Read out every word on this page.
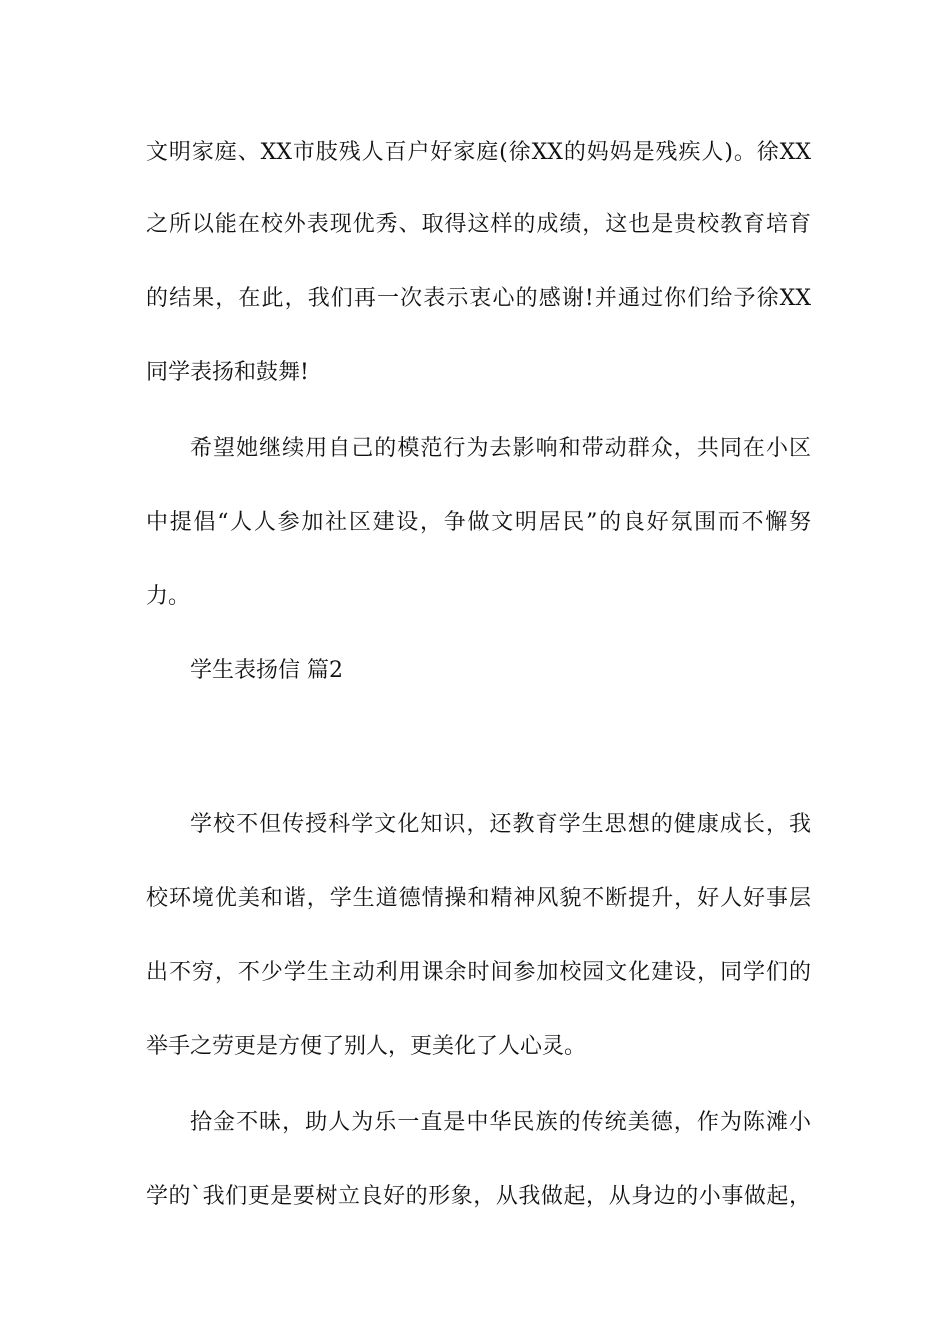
文明家庭、XX市肢残人百户好家庭(徐XX的妈妈是残疾人)。徐XX
之所以能在校外表现优秀、取得这样的成绩，这也是贵校教育培育
的结果，在此，我们再一次表示衷心的感谢!并通过你们给予徐XX
同学表扬和鼓舞!
希望她继续用自己的模范行为去影响和带动群众，共同在小区
中提倡“人人参加社区建设，争做文明居民”的良好氛围而不懈努
力。
学生表扬信 篇2
学校不但传授科学文化知识，还教育学生思想的健康成长，我
校环境优美和谐，学生道德情操和精神风貌不断提升，好人好事层
出不穷，不少学生主动利用课余时间参加校园文化建设，同学们的
举手之劳更是方便了别人，更美化了人心灵。
拾金不昧，助人为乐一直是中华民族的传统美德，作为陈滩小
学的`我们更是要树立良好的形象，从我做起，从身边的小事做起，
